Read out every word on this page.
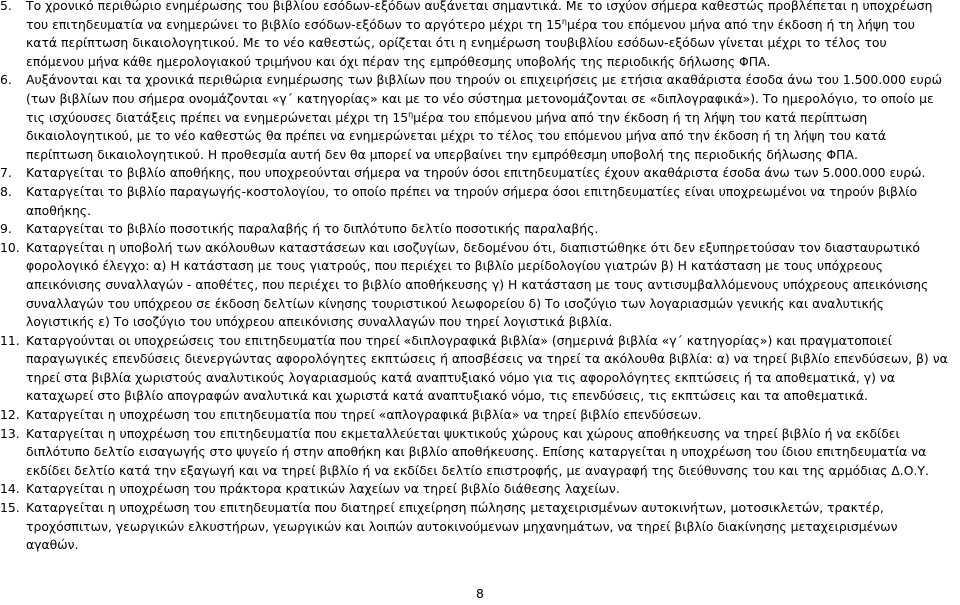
5.	Το χρονικό περιθώριο ενημέρωσης του βιβλίου εσόδων-εξόδων αυξάνεται σημαντικά. Με το ισχύον σήμερα καθεστώς προβλέπεται η υποχρέωση του επιτηδευματία να ενημερώνει το βιβλίο εσόδων-εξόδων το αργότερο μέχρι τη $15^\eta\mu έ\rho\alpha$ του επόμενου μήνα από την έκδοση ή τη λήψη του κατά περίπτωση δικαιολογητικού. Με το νέο καθεστώς, ορίζεται ότι η ενημέρωση τουβιβλίου εσόδων-εξόδων γίνεται μέχρι το τέλος του επόμενου μήνα κάθε ημερολογιακού τριμήνου και όχι πέραν της εμπρόθεσμης υποβολής της περιοδικής δήλωσης ΦΠΑ.
6.	Αυξάνονται και τα χρονικά περιθώρια ενημέρωσης των βιβλίων που τηρούν οι επιχειρήσεις με ετήσια ακαθάριστα έσοδα άνω του 1.500.000 ευρώ (των βιβλίων που σήμερα ονομάζονται «γ΄ κατηγορίας» και με το νέο σύστημα μετονομάζονται σε «διπλογραφικά»). Το ημερολόγιο, το οποίο με τις ισχύουσες διατάξεις πρέπει να ενημερώνεται μέχρι τη $15^\eta\mu έ\rho\alpha$ του επόμενου μήνα από την έκδοση ή τη λήψη του κατά περίπτωση δικαιολογητικού, με το νέο καθεστώς θα πρέπει να ενημερώνεται μέχρι το τέλος του επόμενου μήνα από την έκδοση ή τη λήψη του κατά περίπτωση δικαιολογητικού. Η προθεσμία αυτή δεν θα μπορεί να υπερβαίνει την εμπρόθεσμη υποβολή της περιοδικής δήλωσης ΦΠΑ.
7.	Καταργείται το βιβλίο αποθήκης, που υποχρεούνται σήμερα να τηρούν όσοι επιτηδευματίες έχουν ακαθάριστα έσοδα άνω των 5.000.000 ευρώ.
8.	Καταργείται το βιβλίο παραγωγής-κοστολογίου, το οποίο πρέπει να τηρούν σήμερα όσοι επιτηδευματίες είναι υποχρεωμένοι να τηρούν βιβλίο αποθήκης.
9.	Καταργείται το βιβλίο ποσοτικής παραλαβής ή το διπλότυπο δελτίο ποσοτικής παραλαβής.
10. Καταργείται η υποβολή των ακόλουθων καταστάσεων και ισοζυγίων, δεδομένου ότι, διαπιστώθηκε ότι δεν εξυπηρετούσαν τον διασταυρωτικό φορολογικό έλεγχο: α) Η κατάσταση με τους γιατρούς, που περιέχει το βιβλίο μερίδολογίου γιατρών β) Η κατάσταση με τους υπόχρεους απεικόνισης συναλλαγών - αποθέτες, που περιέχει το βιβλίο αποθήκευσης γ) Η κατάσταση με τους αντισυμβαλλόμενους υπόχρεους απεικόνισης συναλλαγών του υπόχρεου σε έκδοση δελτίων κίνησης τουριστικού λεωφορείου δ) Το ισοζύγιο των λογαριασμών γενικής και αναλυτικής λογιστικής ε) Το ισοζύγιο του υπόχρεου απεικόνισης συναλλαγών που τηρεί λογιστικά βιβλία.
11. Καταργούνται οι υποχρεώσεις του επιτηδευματία που τηρεί «διπλογραφικά βιβλία» (σημερινά βιβλία «γ΄ κατηγορίας») και πραγματοποιεί παραγωγικές επενδύσεις διενεργώντας αφορολόγητες εκπτώσεις ή αποσβέσεις να τηρεί τα ακόλουθα βιβλία: α) να τηρεί βιβλίο επενδύσεων, β) να τηρεί στα βιβλία χωριστούς αναλυτικούς λογαριασμούς κατά αναπτυξιακό νόμο για τις αφορολόγητες εκπτώσεις ή τα αποθεματικά, γ) να καταχωρεί στο βιβλίο απογραφών αναλυτικά και χωριστά κατά αναπτυξιακό νόμο, τις επενδύσεις, τις εκπτώσεις και τα αποθεματικά.
12. Καταργείται η υποχρέωση του επιτηδευματία που τηρεί «απλογραφικά βιβλία» να τηρεί βιβλίο επενδύσεων.
13. Καταργείται η υποχρέωση του επιτηδευματία που εκμεταλλεύεται ψυκτικούς χώρους και χώρους αποθήκευσης να τηρεί βιβλίο ή να εκδίδει διπλότυπο δελτίο εισαγωγής στο ψυγείο ή στην αποθήκη και βιβλίο αποθήκευσης. Επίσης καταργείται η υποχρέωση του ίδιου επιτηδευματία να εκδίδει δελτίο κατά την εξαγωγή και να τηρεί βιβλίο ή να εκδίδει δελτίο επιστροφής, με αναγραφή της διεύθυνσης του και της αρμόδιας Δ.Ο.Υ.
14. Καταργείται η υποχρέωση του πράκτορα κρατικών λαχείων να τηρεί βιβλίο διάθεσης λαχείων.
15. Καταργείται η υποχρέωση του επιτηδευματία που διατηρεί επιχείρηση πώλησης μεταχειρισμένων αυτοκινήτων, μοτοσικλετών, τρακτέρ, τροχόσπιτων, γεωργικών ελκυστήρων, γεωργικών και λοιπών αυτοκινούμενων μηχανημάτων, να τηρεί βιβλίο διακίνησης μεταχειρισμένων αγαθών.
8
